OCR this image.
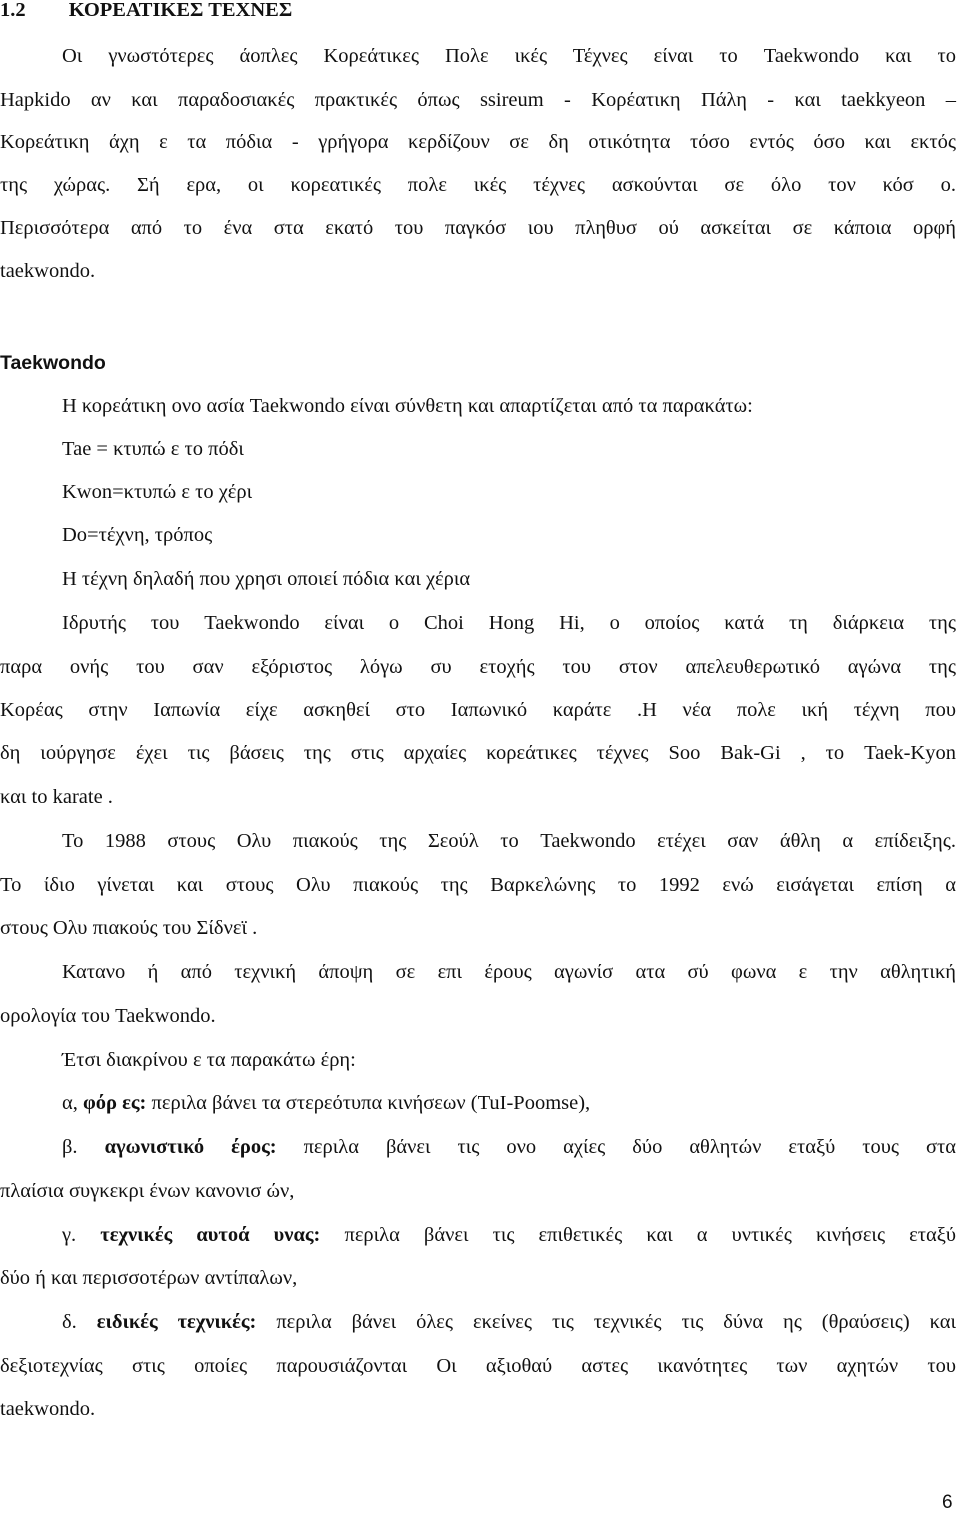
1.2 ΚΟΡΕΑΤΙΚΕΣ ΤΕΧΝΕΣ
Οι γνωστότερες άοπλες Κορεάτικες Πολε ικές Τέχνες είναι το Taekwondo και το
Hapkido αν και παραδοσιακές πρακτικές όπως ssireum - Κορέατικη Πάλη - και taekkyeon –
Κορεάτικη άχη ε τα πόδια - γρήγορα κερδίζουν σε δη οτικότητα τόσο εντός όσο και εκτός
της χώρας. Σή ερα, οι κορεατικές πολε ικές τέχνες ασκούνται σε όλο τον κόσ ο.
Περισσότερα από το ένα στα εκατό του παγκόσ ιου πληθυσ ού ασκείται σε κάποια ορφή
taekwondo.
Taekwondo
Η κορεάτικη ονο ασία Taekwondo είναι σύνθετη και απαρτίζεται από τα παρακάτω:
Tae = κτυπώ ε το πόδι
Kwon=κτυπώ ε το χέρι
Do=τέχνη, τρόπος
Η τέχνη δηλαδή που χρησι οποιεί πόδια και χέρια
Ιδρυτής του Taekwondo είναι ο Choi Hong Hi, ο οποίος κατά τη διάρκεια της
παρα ονής του σαν εξόριστος λόγω συ ετοχής του στον απελευθερωτικό αγώνα της
Κορέας στην Ιαπωνία είχε ασκηθεί στο Ιαπωνικό καράτε .Η νέα πολε ική τέχνη που
δη ιούργησε έχει τις βάσεις της στις αρχαίες κορεάτικες τέχνες Soo Bak-Gi , το Taek-Kyon
και to karate .
Το 1988 στους Ολυ πιακούς της Σεούλ το Taekwondo ετέχει σαν άθλη α επίδειξης.
Το ίδιο γίνεται και στους Ολυ πιακούς της Βαρκελώνης το 1992 ενώ εισάγεται επίση α
στους Ολυ πιακούς του Σίδνεϊ .
Κατανο ή από τεχνική άποψη σε επι έρους αγωνίσ ατα σύ φωνα ε την αθλητική
ορολογία του Taekwondo.
Έτσι διακρίνου ε τα παρακάτω έρη:
α, φόρ ες: περιλα βάνει τα στερεότυπα κινήσεων (TuI-Poomse),
β. αγωνιστικό έρος: περιλα βάνει τις ονο αχίες δύο αθλητών εταξύ τους στα
πλαίσια συγκεκρι ένων κανονισ ών,
γ. τεχνικές αυτοά υνας: περιλα βάνει τις επιθετικές και α υντικές κινήσεις εταξύ
δύο ή και περισσοτέρων αντίπαλων,
δ. ειδικές τεχνικές: περιλα βάνει όλες εκείνες τις τεχνικές τις δύνα ης (θραύσεις) και
δεξιοτεχνίας στις οποίες παρουσιάζονται Οι αξιοθαύ αστες ικανότητες των αχητών του
taekwondo.
6
